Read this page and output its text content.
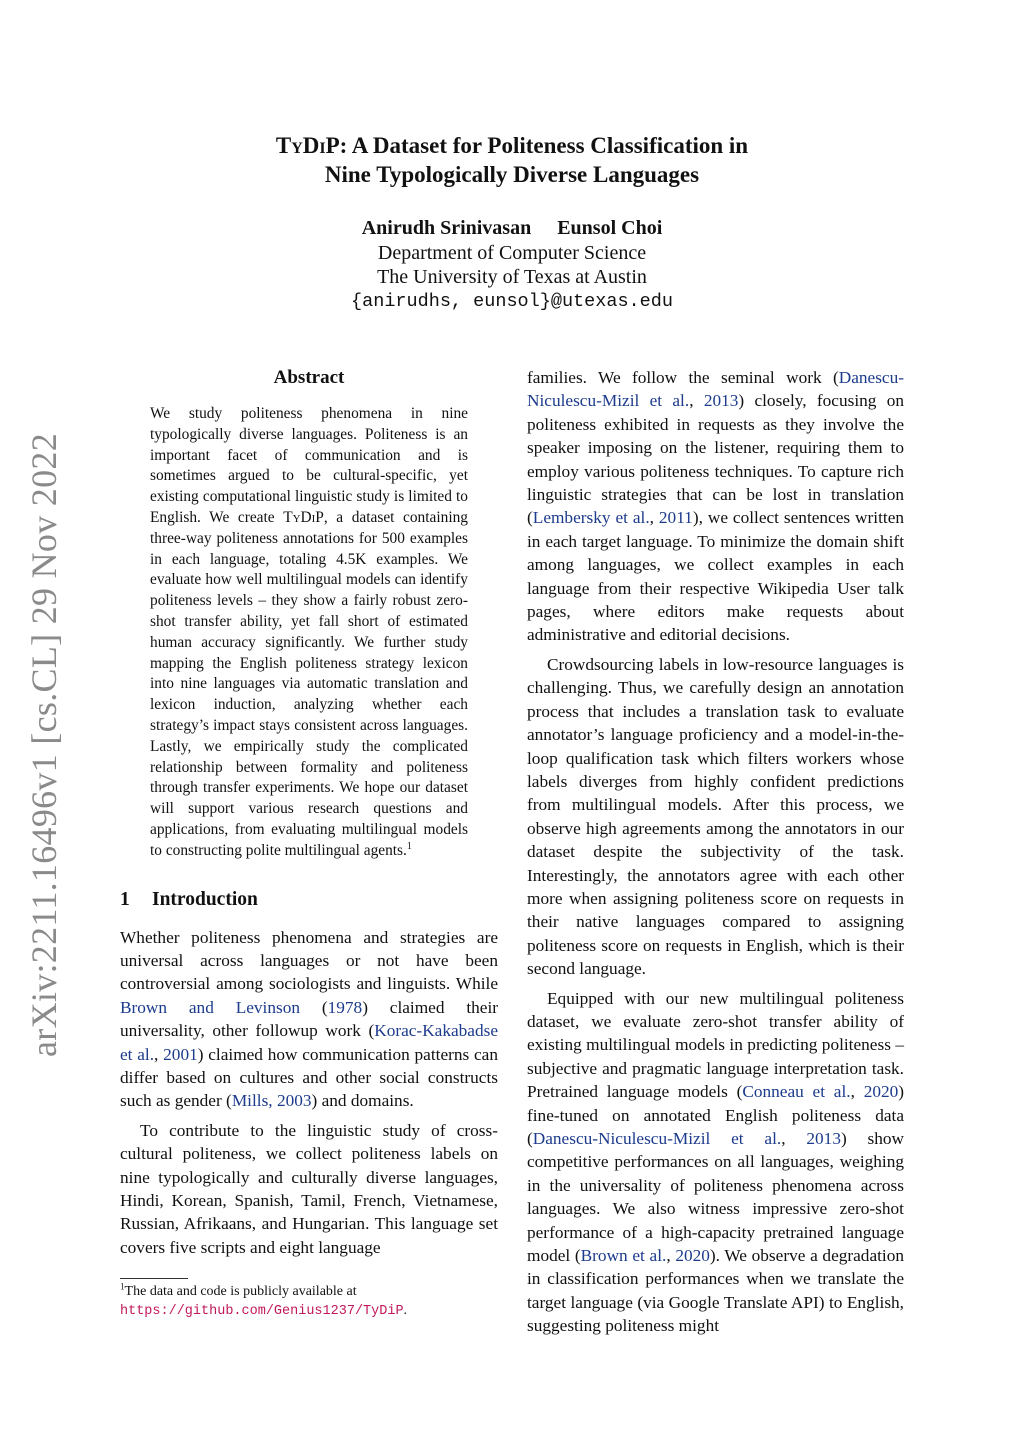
arXiv:2211.16496v1 [cs.CL] 29 Nov 2022
TyDiP: A Dataset for Politeness Classification in
Nine Typologically Diverse Languages
Anirudh Srinivasan Eunsol Choi
Department of Computer Science
The University of Texas at Austin
{anirudhs, eunsol}@utexas.edu
Abstract
We study politeness phenomena in nine typologically diverse languages. Politeness is an important facet of communication and is sometimes argued to be cultural-specific, yet existing computational linguistic study is limited to English. We create TyDiP, a dataset containing three-way politeness annotations for 500 examples in each language, totaling 4.5K examples. We evaluate how well multilingual models can identify politeness levels – they show a fairly robust zero-shot transfer ability, yet fall short of estimated human accuracy significantly. We further study mapping the English politeness strategy lexicon into nine languages via automatic translation and lexicon induction, analyzing whether each strategy’s impact stays consistent across languages. Lastly, we empirically study the complicated relationship between formality and politeness through transfer experiments. We hope our dataset will support various research questions and applications, from evaluating multilingual models to constructing polite multilingual agents.$^1$
1 Introduction

Whether politeness phenomena and strategies are universal across languages or not have been controversial among sociologists and linguists. While Brown and Levinson (1978) claimed their universality, other followup work (Korac-Kakabadse et al., 2001) claimed how communication patterns can differ based on cultures and other social constructs such as gender (Mills, 2003) and domains.

To contribute to the linguistic study of cross-cultural politeness, we collect politeness labels on nine typologically and culturally diverse languages, Hindi, Korean, Spanish, Tamil, French, Vietnamese, Russian, Afrikaans, and Hungarian. This language set covers five scripts and eight language

$^1$The data and code is publicly available at https://github.com/Genius1237/TyDiP.

families. We follow the seminal work (Danescu-Niculescu-Mizil et al., 2013) closely, focusing on politeness exhibited in requests as they involve the speaker imposing on the listener, requiring them to employ various politeness techniques. To capture rich linguistic strategies that can be lost in translation (Lembersky et al., 2011), we collect sentences written in each target language. To minimize the domain shift among languages, we collect examples in each language from their respective Wikipedia User talk pages, where editors make requests about administrative and editorial decisions.

Crowdsourcing labels in low-resource languages is challenging. Thus, we carefully design an annotation process that includes a translation task to evaluate annotator’s language proficiency and a model-in-the-loop qualification task which filters workers whose labels diverges from highly confident predictions from multilingual models. After this process, we observe high agreements among the annotators in our dataset despite the subjectivity of the task. Interestingly, the annotators agree with each other more when assigning politeness score on requests in their native languages compared to assigning politeness score on requests in English, which is their second language.

Equipped with our new multilingual politeness dataset, we evaluate zero-shot transfer ability of existing multilingual models in predicting politeness – subjective and pragmatic language interpretation task. Pretrained language models (Conneau et al., 2020) fine-tuned on annotated English politeness data (Danescu-Niculescu-Mizil et al., 2013) show competitive performances on all languages, weighing in the universality of politeness phenomena across languages. We also witness impressive zero-shot performance of a high-capacity pretrained language model (Brown et al., 2020). We observe a degradation in classification performances when we translate the target language (via Google Translate API) to English, suggesting politeness might
